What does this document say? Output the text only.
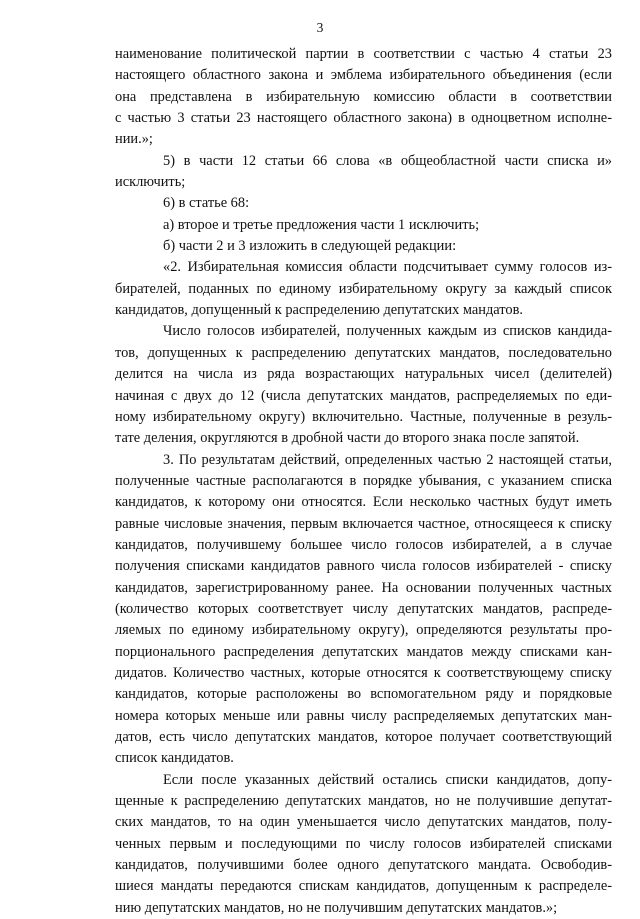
3
наименование политической партии в соответствии с частью 4 статьи 23
настоящего областного закона и эмблема избирательного объединения (если
она представлена в избирательную комиссию области в соответствии
с частью 3 статьи 23 настоящего областного закона) в одноцветном исполне-
нии.»;
5) в части 12 статьи 66 слова «в общеобластной части списка и»
исключить;
6) в статье 68:
а) второе и третье предложения части 1 исключить;
б) части 2 и 3 изложить в следующей редакции:
«2. Избирательная комиссия области подсчитывает сумму голосов из-
бирателей, поданных по единому избирательному округу за каждый список
кандидатов, допущенный к распределению депутатских мандатов.
Число голосов избирателей, полученных каждым из списков кандида-
тов, допущенных к распределению депутатских мандатов, последовательно
делится на числа из ряда возрастающих натуральных чисел (делителей)
начиная с двух до 12 (числа депутатских мандатов, распределяемых по еди-
ному избирательному округу) включительно. Частные, полученные в резуль-
тате деления, округляются в дробной части до второго знака после запятой.
3. По результатам действий, определенных частью 2 настоящей статьи,
полученные частные располагаются в порядке убывания, с указанием списка
кандидатов, к которому они относятся. Если несколько частных будут иметь
равные числовые значения, первым включается частное, относящееся к списку
кандидатов, получившему большее число голосов избирателей, а в случае
получения списками кандидатов равного числа голосов избирателей - списку
кандидатов, зарегистрированному ранее. На основании полученных частных
(количество которых соответствует числу депутатских мандатов, распреде-
ляемых по единому избирательному округу), определяются результаты про-
порционального распределения депутатских мандатов между списками кан-
дидатов. Количество частных, которые относятся к соответствующему списку
кандидатов, которые расположены во вспомогательном ряду и порядковые
номера которых меньше или равны числу распределяемых депутатских ман-
датов, есть число депутатских мандатов, которое получает соответствующий
список кандидатов.
Если после указанных действий остались списки кандидатов, допу-
щенные к распределению депутатских мандатов, но не получившие депутат-
ских мандатов, то на один уменьшается число депутатских мандатов, полу-
ченных первым и последующими по числу голосов избирателей списками
кандидатов, получившими более одного депутатского мандата. Освободив-
шиеся мандаты передаются спискам кандидатов, допущенным к распределе-
нию депутатских мандатов, но не получившим депутатских мандатов.»;
